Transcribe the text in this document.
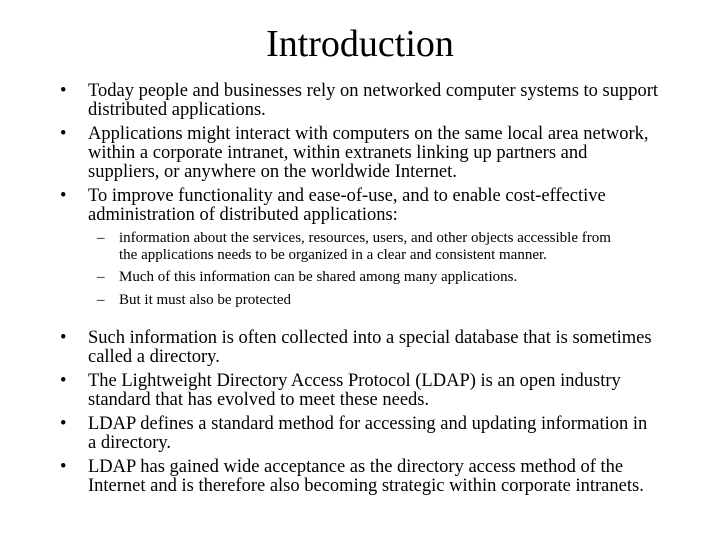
Introduction
• Today people and businesses rely on networked computer systems to support distributed applications.
• Applications might interact with computers on the same local area network, within a corporate intranet, within extranets linking up partners and suppliers, or anywhere on the worldwide Internet.
• To improve functionality and ease-of-use, and to enable cost-effective administration of distributed applications:
– information about the services, resources, users, and other objects accessible from the applications needs to be organized in a clear and consistent manner.
– Much of this information can be shared among many applications.
– But it must also be protected
• Such information is often collected into a special database that is sometimes called a directory.
• The Lightweight Directory Access Protocol (LDAP) is an open industry standard that has evolved to meet these needs.
• LDAP defines a standard method for accessing and updating information in a directory.
• LDAP has gained wide acceptance as the directory access method of the Internet and is therefore also becoming strategic within corporate intranets.
